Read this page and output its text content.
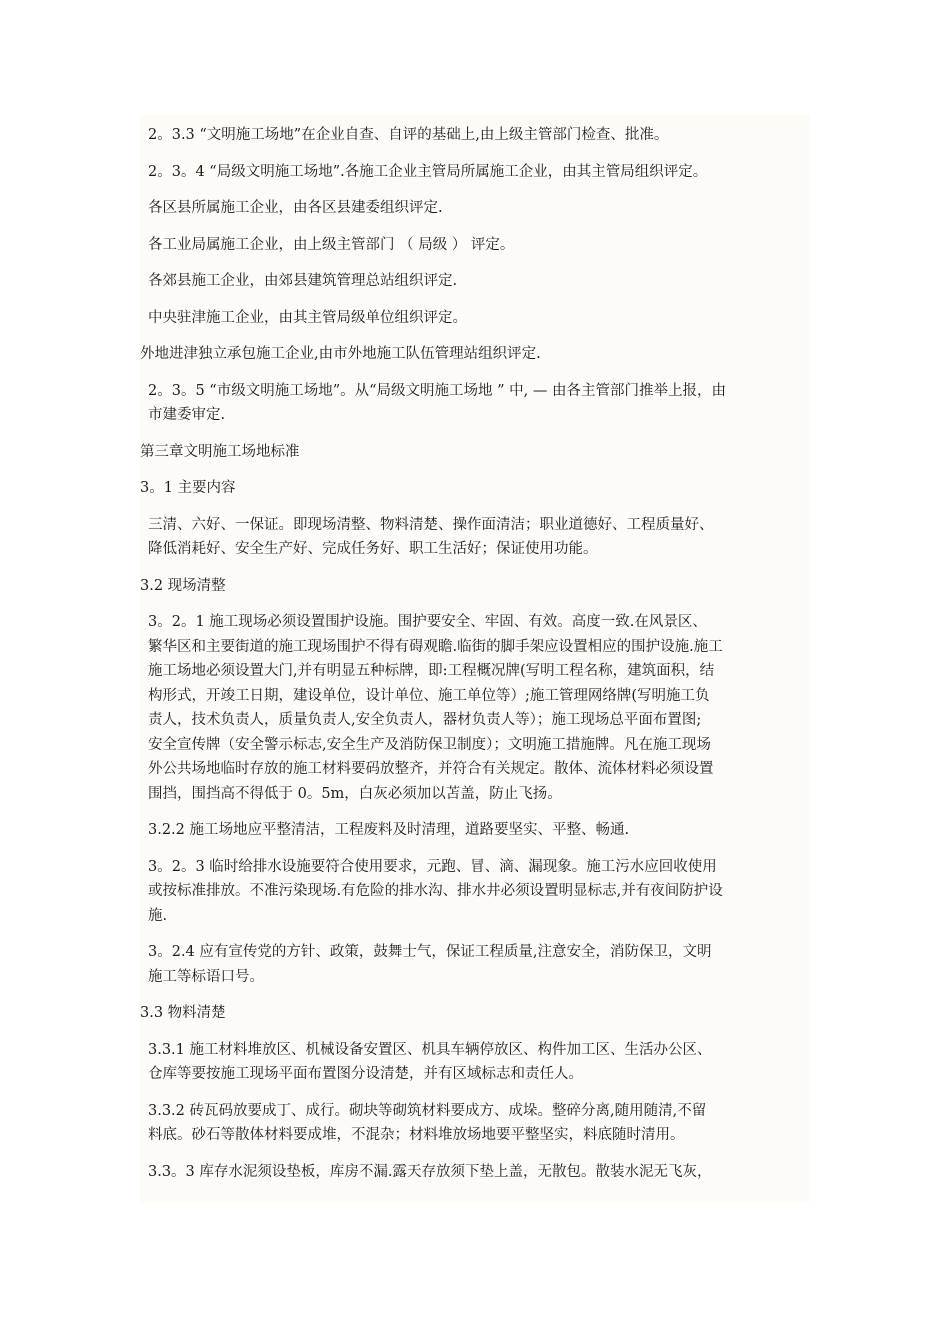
2。3.3 “文明施工场地”在企业自查、自评的基础上,由上级主管部门检查、批准。

2。3。4 “局级文明施工场地”.各施工企业主管局所属施工企业，由其主管局组织评定。

各区县所属施工企业，由各区县建委组织评定.

各工业局属施工企业，由上级主管部门 （ 局级 ） 评定。

各郊县施工企业，由郊县建筑管理总站组织评定.

中央驻津施工企业，由其主管局级单位组织评定。

外地进津独立承包施工企业,由市外地施工队伍管理站组织评定.

2。3。5 “市级文明施工场地”。从“局级文明施工场地 ” 中, — 由各主管部门推举上报，由
市建委审定.

第三章文明施工场地标准

3。1 主要内容

三清、六好、一保证。即现场清整、物料清楚、操作面清洁；职业道德好、工程质量好、
降低消耗好、安全生产好、完成任务好、职工生活好；保证使用功能。

3.2 现场清整

3。2。1 施工现场必须设置围护设施。围护要安全、牢固、有效。高度一致.在风景区、
繁华区和主要街道的施工现场围护不得有碍观瞻.临街的脚手架应设置相应的围护设施.施工
施工场地必须设置大门,并有明显五种标牌，即:工程概况牌(写明工程名称，建筑面积，结
构形式，开竣工日期，建设单位，设计单位、施工单位等）;施工管理网络牌(写明施工负
责人，技术负责人，质量负责人,安全负责人，器材负责人等）；施工现场总平面布置图;
安全宣传牌（安全警示标志,安全生产及消防保卫制度）；文明施工措施牌。凡在施工现场
外公共场地临时存放的施工材料要码放整齐，并符合有关规定。散体、流体材料必须设置
围挡，围挡高不得低于 0。5m，白灰必须加以苫盖，防止飞扬。

3.2.2 施工场地应平整清洁，工程废料及时清理，道路要坚实、平整、畅通.

3。2。3 临时给排水设施要符合使用要求，元跑、冒、滴、漏现象。施工污水应回收使用
或按标准排放。不准污染现场.有危险的排水沟、排水井必须设置明显标志,并有夜间防护设
施.

3。2.4 应有宣传党的方针、政策，鼓舞士气，保证工程质量,注意安全，消防保卫，文明
施工等标语口号。

3.3 物料清楚

3.3.1 施工材料堆放区、机械设备安置区、机具车辆停放区、构件加工区、生活办公区、
仓库等要按施工现场平面布置图分设清楚，并有区域标志和责任人。

3.3.2 砖瓦码放要成丁、成行。砌块等砌筑材料要成方、成垛。整碎分离,随用随清,不留
料底。砂石等散体材料要成堆，不混杂；材料堆放场地要平整坚实，料底随时清用。

3.3。3 库存水泥须设垫板，库房不漏.露天存放须下垫上盖，无散包。散装水泥无飞灰，
